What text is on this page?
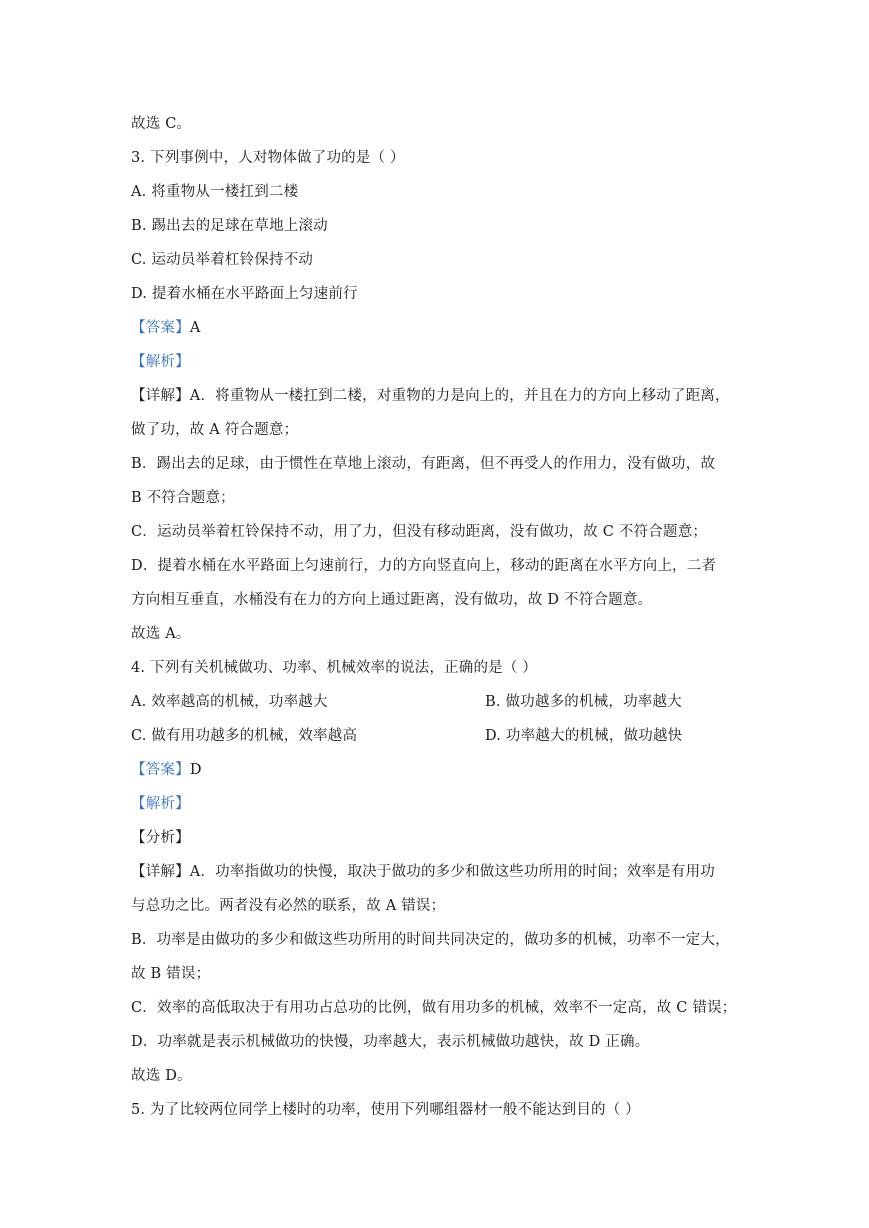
故选 C。
3. 下列事例中，人对物体做了功的是（ ）
A. 将重物从一楼扛到二楼
B. 踢出去的足球在草地上滚动
C. 运动员举着杠铃保持不动
D. 提着水桶在水平路面上匀速前行
【答案】A
【解析】
【详解】A．将重物从一楼扛到二楼，对重物的力是向上的，并且在力的方向上移动了距离，
做了功，故 A 符合题意；
B．踢出去的足球，由于惯性在草地上滚动，有距离，但不再受人的作用力，没有做功，故
B 不符合题意；
C．运动员举着杠铃保持不动，用了力，但没有移动距离，没有做功，故 C 不符合题意；
D．提着水桶在水平路面上匀速前行，力的方向竖直向上，移动的距离在水平方向上，二者
方向相互垂直，水桶没有在力的方向上通过距离，没有做功，故 D 不符合题意。
故选 A。
4. 下列有关机械做功、功率、机械效率的说法，正确的是（ ）
A. 效率越高的机械，功率越大	B. 做功越多的机械，功率越大
C. 做有用功越多的机械，效率越高	D. 功率越大的机械，做功越快
【答案】D
【解析】
【分析】
【详解】A．功率指做功的快慢，取决于做功的多少和做这些功所用的时间；效率是有用功
与总功之比。两者没有必然的联系，故 A 错误；
B．功率是由做功的多少和做这些功所用的时间共同决定的，做功多的机械，功率不一定大，
故 B 错误；
C．效率的高低取决于有用功占总功的比例，做有用功多的机械，效率不一定高，故 C 错误；
D．功率就是表示机械做功的快慢，功率越大，表示机械做功越快，故 D 正确。
故选 D。
5. 为了比较两位同学上楼时的功率，使用下列哪组器材一般不能达到目的（ ）
